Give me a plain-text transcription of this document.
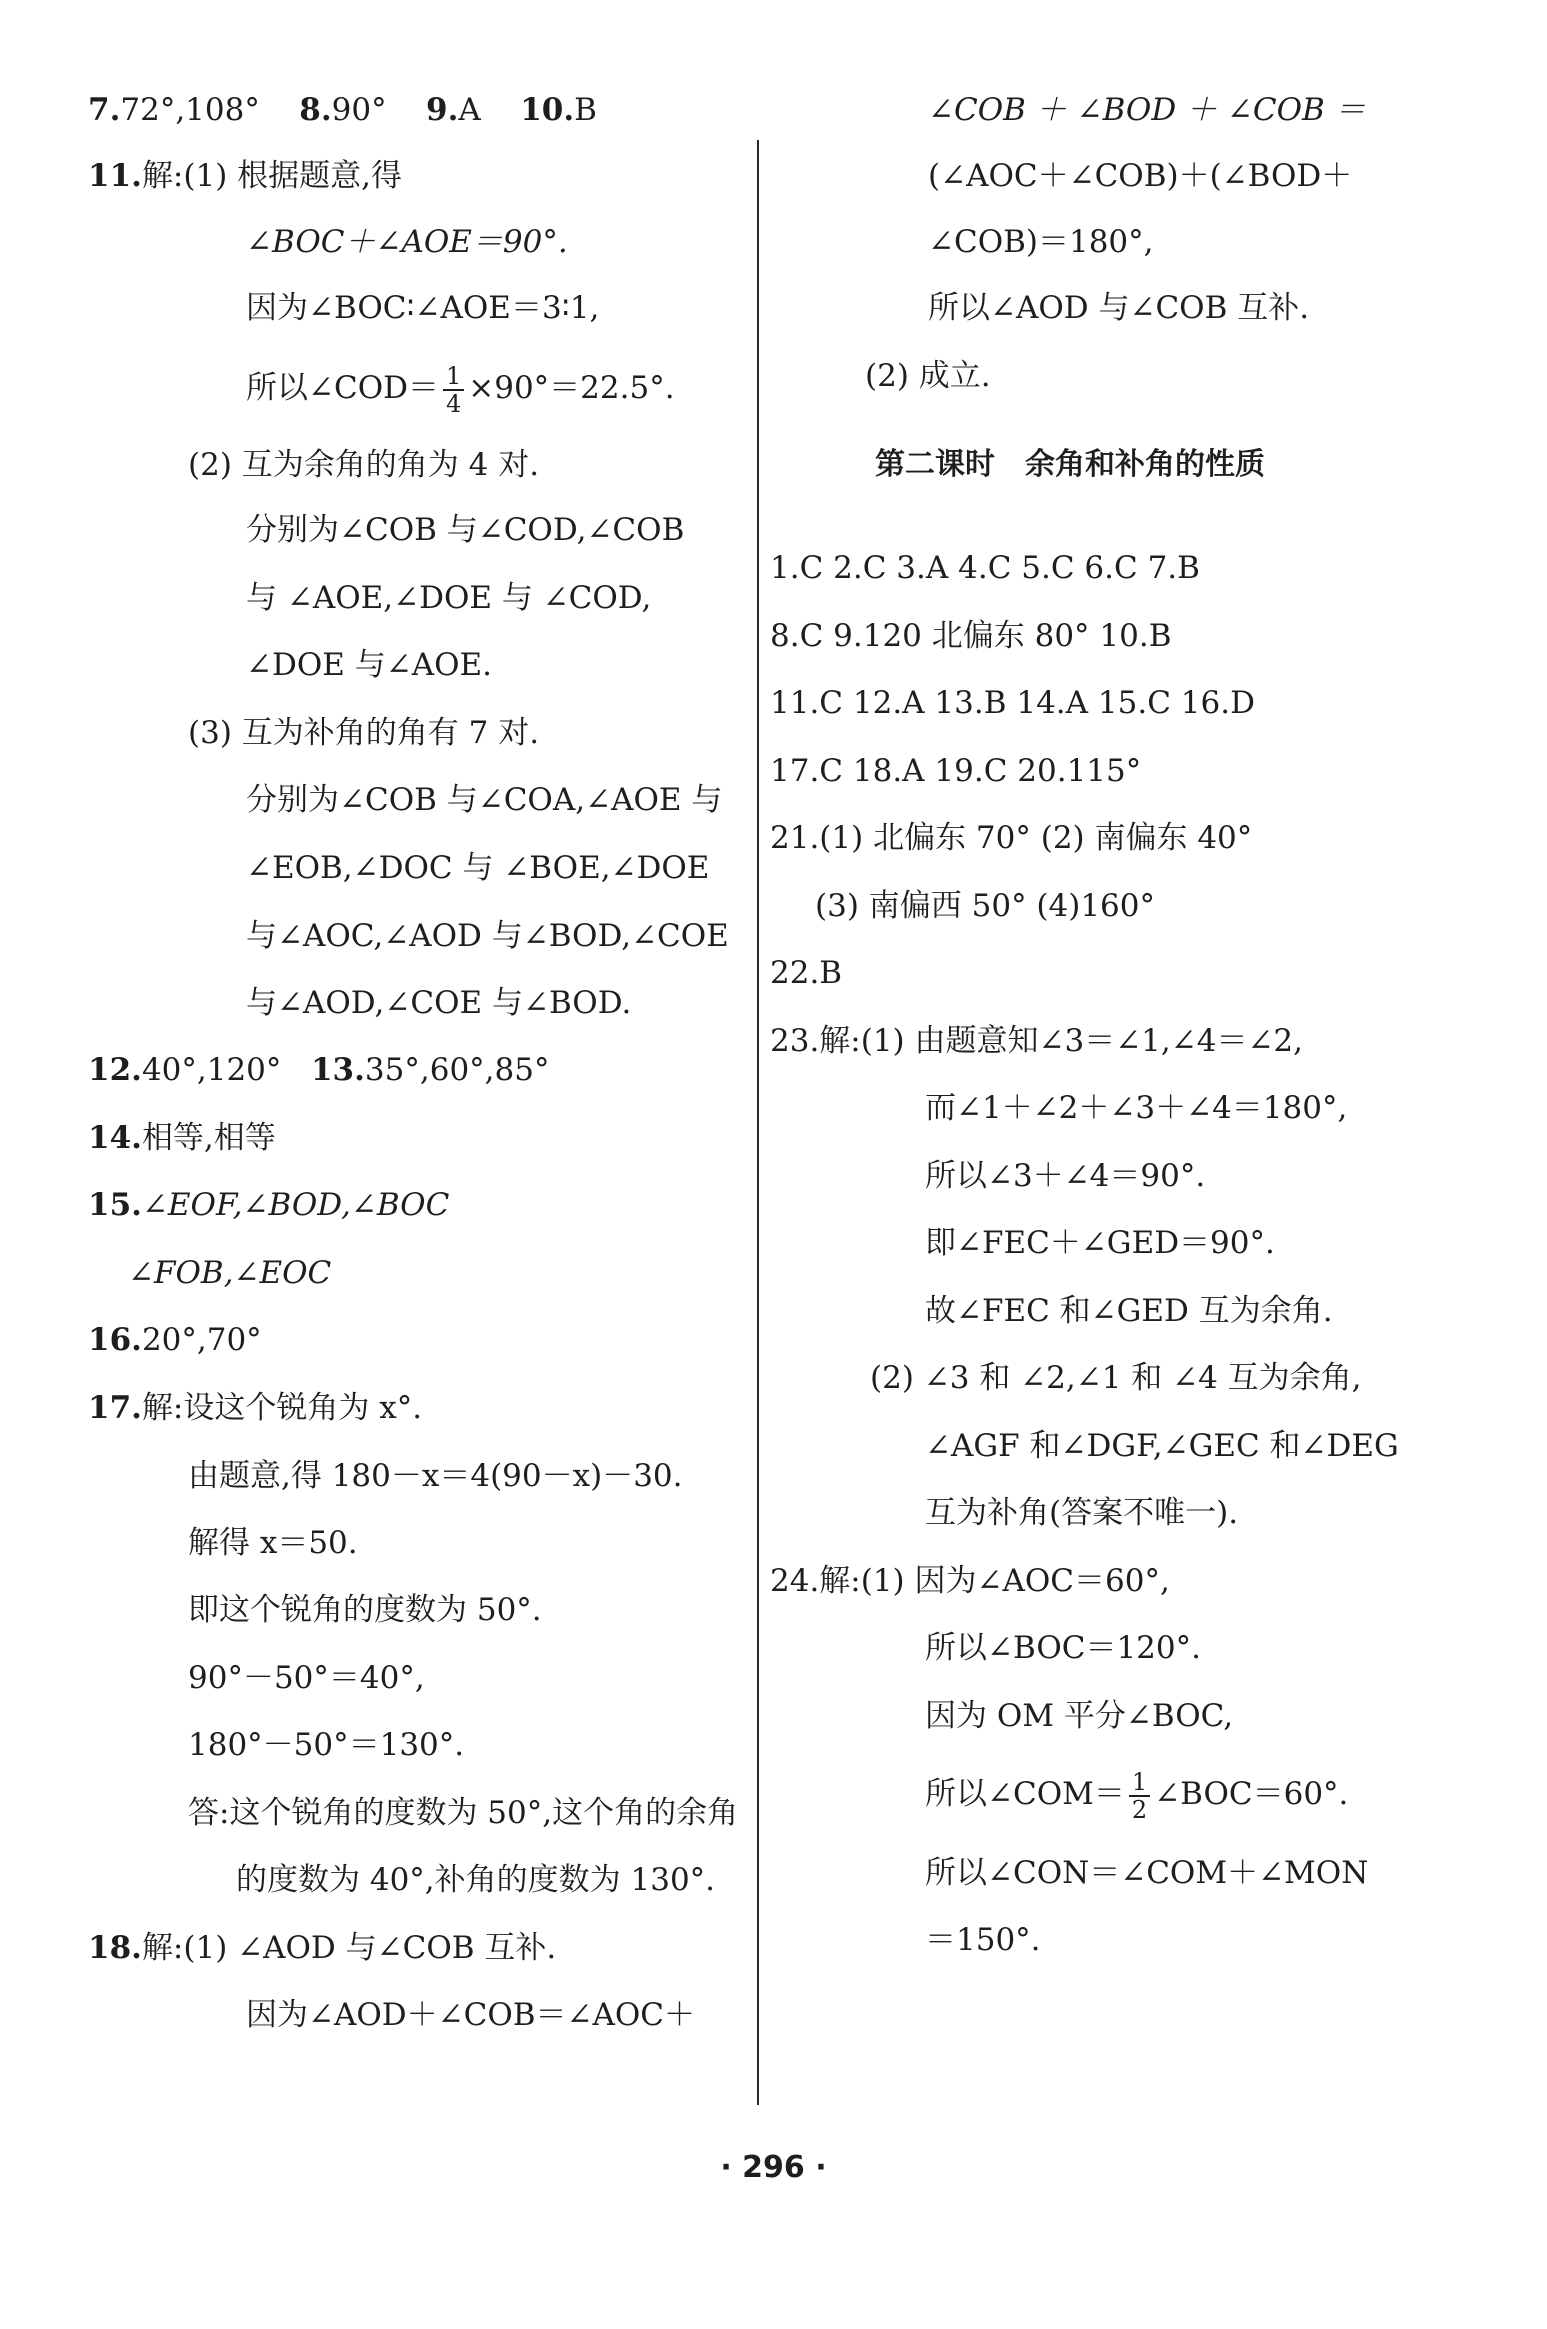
7.72°,108° 8.90° 9.A 10.B
11.解:(1) 根据题意,得
∠BOC＋∠AOE＝90°.
因为∠BOC∶∠AOE＝3∶1,
所以∠COD＝ $\frac{1}{4} \times 90^\circ=22.5^\circ$.
(2) 互为余角的角为 4 对.
分别为∠COB 与∠COD,∠COB
与 ∠AOE,∠DOE 与 ∠COD,
∠DOE 与∠AOE.
(3) 互为补角的角有 7 对.
分别为∠COB 与∠COA,∠AOE 与
∠EOB,∠DOC 与 ∠BOE,∠DOE
与∠AOC,∠AOD 与∠BOD,∠COE
与∠AOD,∠COE 与∠BOD.
12.40°,120° 13.35°,60°,85°
14.相等,相等
15.∠EOF,∠BOD,∠BOC
∠FOB,∠EOC
16.20°,70°
17.解:设这个锐角为 x°.
由题意,得 180－x＝4(90－x)－30.
解得 x＝50.
即这个锐角的度数为 50°.
90°－50°＝40°,
180°－50°＝130°.
答:这个锐角的度数为 50°,这个角的余角
的度数为 40°,补角的度数为 130°.
18.解:(1) ∠AOD 与∠COB 互补.
因为∠AOD＋∠COB＝∠AOC＋
∠COB ＋ ∠BOD ＋ ∠COB ＝
(∠AOC＋∠COB)＋(∠BOD＋
∠COB)＝180°,
所以∠AOD 与∠COB 互补.
(2) 成立.
第二课时　余角和补角的性质
1.C 2.C 3.A 4.C 5.C 6.C 7.B
8.C 9.120 北偏东 80° 10.B
11.C 12.A 13.B 14.A 15.C 16.D
17.C 18.A 19.C 20.115°
21.(1) 北偏东 70° (2) 南偏东 40°
(3) 南偏西 50° (4)160°
22.B
23.解:(1) 由题意知∠3＝∠1,∠4＝∠2,
而∠1＋∠2＋∠3＋∠4＝180°,
所以∠3＋∠4＝90°.
即∠FEC＋∠GED＝90°.
故∠FEC 和∠GED 互为余角.
(2) ∠3 和 ∠2,∠1 和 ∠4 互为余角,
∠AGF 和∠DGF,∠GEC 和∠DEG
互为补角(答案不唯一).
24.解:(1) 因为∠AOC＝60°,
所以∠BOC＝120°.
因为 OM 平分∠BOC,
所以∠COM＝ $\frac{1}{2}$ ∠BOC＝60°.
所以∠CON＝∠COM＋∠MON
＝150°.
· 296 ·
